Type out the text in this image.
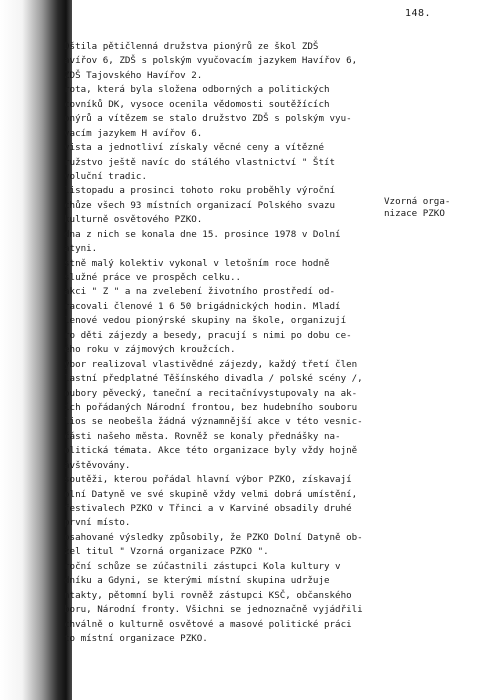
148.
Vzorná orga-
nizace PZKO
Dštila pětičlenná družstva pionýrů ze škol ZDŠ
avířov 6, ZDŠ s polským vyučovacím jazykem Havířov 6,
ZDŠ Tajovského Havířov 2.
rota, která byla složena odborných a politických
covníků DK, vysoce ocenila vědomosti soutěžících
onýrů a vítězem se stalo družstvo ZDŠ s polským vyu-
vacím jazykem H avířov 6.
vista a jednotliví získaly věcné ceny a vítězné
ružstvo ještě navíc do stálého vlastnictví " Štít
voluční tradic.
listopadu a prosinci tohoto roku proběhly výroční
chůze všech 93 místních organizací Polského svazu
kulturně osvětového PZKO.
dna z nich se konala dne 15. prosince 1978 v Dolní
atyni.
stně malý kolektiv vykonal v letošním roce hodně
služné práce ve prospěch celku..
akci " Z " a na zvelebení životního prostředí od-
racovali členové 1 6 50 brigádnických hodin. Mladí
lenové vedou pionýrské skupiny na škole, organizují
ro děti zájezdy a besedy, pracují s nimi po dobu ce-
ého roku v zájmových kroužcích.
ýbor realizoval vlastivědné zájezdy, každý třetí člen
lastní předplatné Těšínského divadla / polské scény /,
oubory pěvecký, taneční a recitačnívystupovaly na ak-
ích pořádaných Národní frontou, bez hudebního souboru
lios se neobešla žádná významnější akce v této vesnic-
části našeho města. Rovněž se konaly přednášky na-
olitická témata. Akce této organizace byly vždy hojně
ávštěvovány.
soutěži, kterou pořádal hlavní výbor PZKO, získavají
olní Datyně ve své skupině vždy velmi dobrá umístění,
festivalech PZKO v Třinci a v Karviné obsadily druhé
první místo.
osahované výsledky způsobily, že PZKO Dolní Datyně ob-
žel titul " Vzorná organizace PZKO ".
roční schůze se zúčastnili zástupci Kola kultury v
dníku a Gdyni, se kterými místní skupina udržuje
ntakty, pětomní byli rovněž zástupci KSČ, občanského
boru, Národní fronty. Všichni se jednoznačně vyjádřili
chválně o kulturně osvětové a masové politické práci
to místní organizace PZKO.
